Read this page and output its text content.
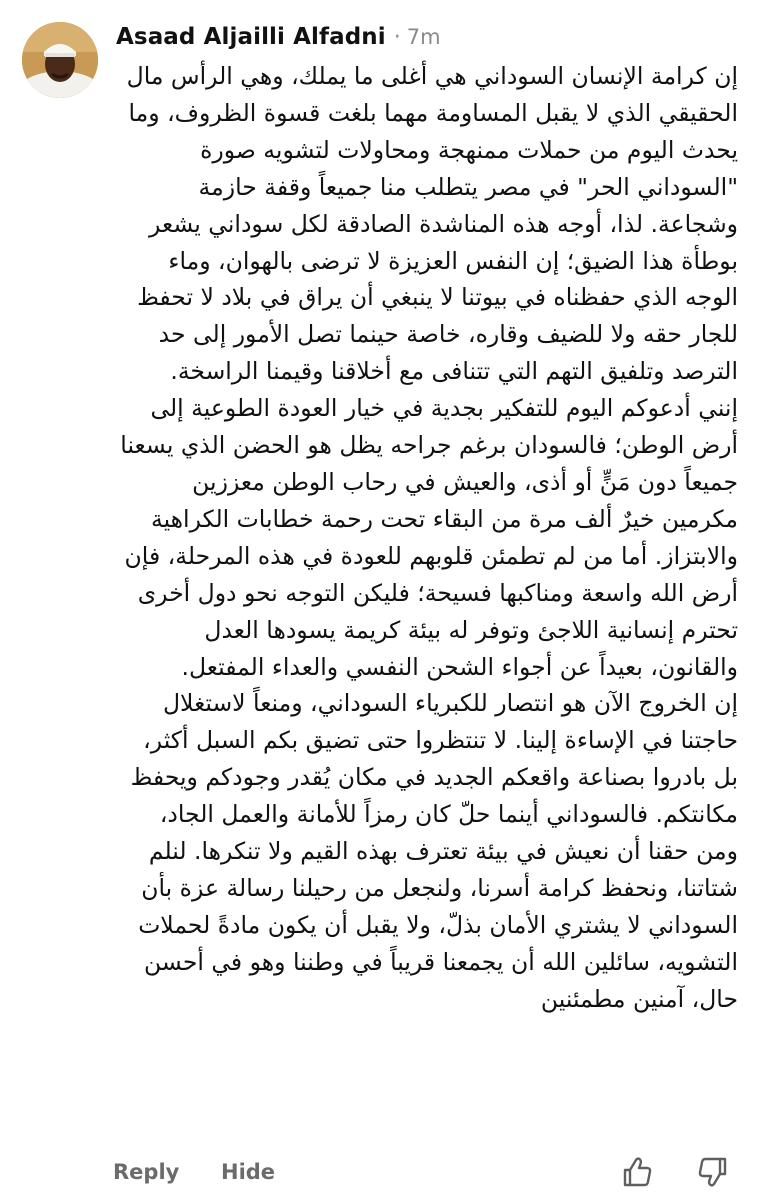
Asaad Aljailli Alfadni · 7m

إن كرامة الإنسان السوداني هي أغلى ما يملك، وهي الرأس مال الحقيقي الذي لا يقبل المساومة مهما بلغت قسوة الظروف، وما يحدث اليوم من حملات ممنهجة ومحاولات لتشويه صورة "السوداني الحر" في مصر يتطلب منا جميعاً وقفة حازمة وشجاعة. لذا، أوجه هذه المناشدة الصادقة لكل سوداني يشعر بوطأة هذا الضيق؛ إن النفس العزيزة لا ترضى بالهوان، وماء الوجه الذي حفظناه في بيوتنا لا ينبغي أن يراق في بلاد لا تحفظ للجار حقه ولا للضيف وقاره، خاصة حينما تصل الأمور إلى حد الترصد وتلفيق التهم التي تتنافى مع أخلاقنا وقيمنا الراسخة.

إنني أدعوكم اليوم للتفكير بجدية في خيار العودة الطوعية إلى أرض الوطن؛ فالسودان برغم جراحه يظل هو الحضن الذي يسعنا جميعاً دون مَنٍّ أو أذى، والعيش في رحاب الوطن معززين مكرمين خيرٌ ألف مرة من البقاء تحت رحمة خطابات الكراهية والابتزاز. أما من لم تطمئن قلوبهم للعودة في هذه المرحلة، فإن أرض الله واسعة ومناكبها فسيحة؛ فليكن التوجه نحو دول أخرى تحترم إنسانية اللاجئ وتوفر له بيئة كريمة يسودها العدل والقانون، بعيداً عن أجواء الشحن النفسي والعداء المفتعل.

إن الخروج الآن هو انتصار للكبرياء السوداني، ومنعاً لاستغلال حاجتنا في الإساءة إلينا. لا تنتظروا حتى تضيق بكم السبل أكثر، بل بادروا بصناعة واقعكم الجديد في مكان يُقدر وجودكم ويحفظ مكانتكم. فالسوداني أينما حلّ كان رمزاً للأمانة والعمل الجاد، ومن حقنا أن نعيش في بيئة تعترف بهذه القيم ولا تنكرها. لنلم شتاتنا، ونحفظ كرامة أسرنا، ولنجعل من رحيلنا رسالة عزة بأن السوداني لا يشتري الأمان بذلّ، ولا يقبل أن يكون مادةً لحملات التشويه، سائلين الله أن يجمعنا قريباً في وطننا وهو في أحسن حال، آمنين مطمئنين

Reply Hide
